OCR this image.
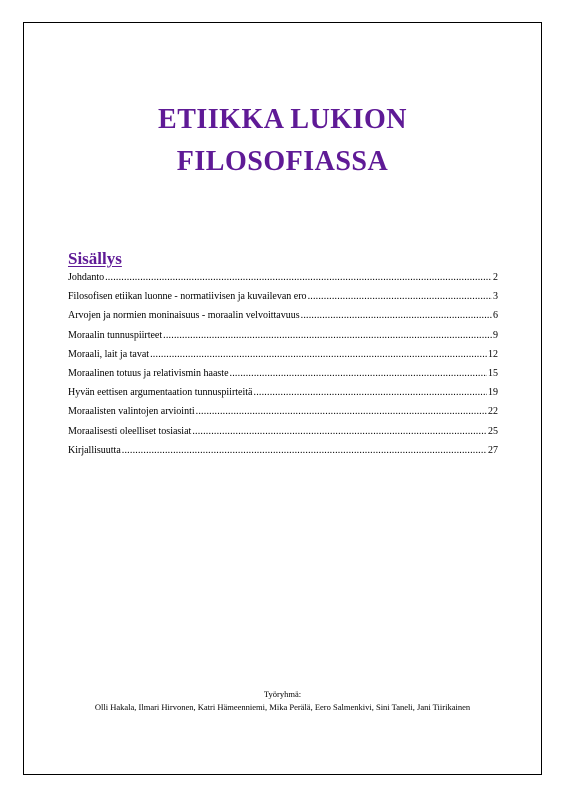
ETIIKKA LUKION
FILOSOFIASSA
Sisällys
Johdanto .....	2
Filosofisen etiikan luonne - normatiivisen ja kuvailevan ero .....	3
Arvojen ja normien moninaisuus - moraalin velvoittavuus .....	6
Moraalin tunnuspiirteet .....	9
Moraali, lait ja tavat .....	12
Moraalinen totuus ja relativismin haaste .....	15
Hyvän eettisen argumentaation tunnuspiirteitä .....	19
Moraalisten valintojen arviointi .....	22
Moraalisesti oleelliset tosiasiat .....	25
Kirjallisuutta .....	27
Työryhmä:
Olli Hakala, Ilmari Hirvonen, Katri Hämeenniemi, Mika Perälä, Eero Salmenkivi, Sini Taneli, Jani Tiirikainen
